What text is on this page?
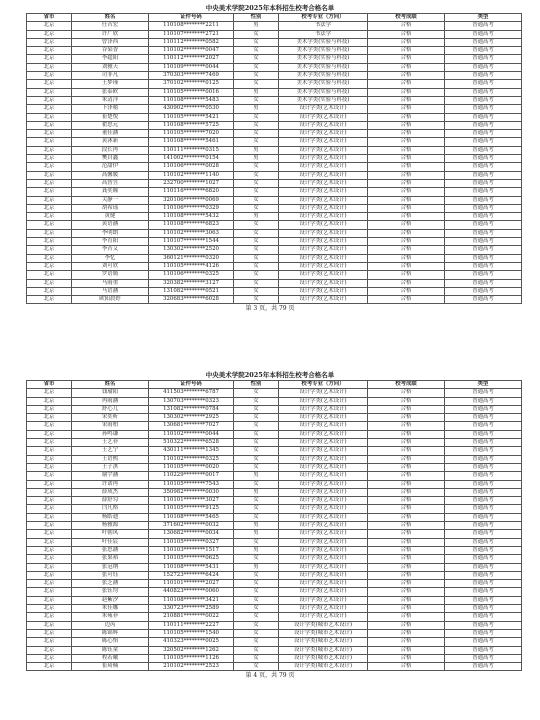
中央美术学院2025年本科招生校考合格名单
省市	姓名	证件号码	性别	校考专业（方向）	校考成绩	类型
北京	任昔宏	110108********2211	男	书法学	合格	普通高考
北京	许广欣	110107********2721	女	书法学	合格	普通高考
北京	曾泽西	110112********0582	女	美术学类(实验与科技)	合格	普通高考
北京	谷染香	110102********0047	女	美术学类(实验与科技)	合格	普通高考
北京	李超阳	110112********2027	女	美术学类(实验与科技)	合格	普通高考
北京	刘雅天	110109********0044	女	美术学类(实验与科技)	合格	普通高考
北京	司非凡	370303********7469	女	美术学类(实验与科技)	合格	普通高考
北京	王梦瑾	370102********0125	女	美术学类(实验与科技)	合格	普通高考
北京	张泰欧	110105********0016	男	美术学类(实验与科技)	合格	普通高考
北京	朱清洋	110108********5483	女	美术学类(实验与科技)	合格	普通高考
北京	卜泽稽	430902********0530	男	设计学类(艺术设计)	合格	普通高考
北京	崔楚悦	110105********5421	女	设计学类(艺术设计)	合格	普通高考
北京	翟思元	110108********5725	女	设计学类(艺术设计)	合格	普通高考
北京	董佳涵	110105********7020	女	设计学类(艺术设计)	合格	普通高考
北京	黄沐新	110108********5461	女	设计学类(艺术设计)	合格	普通高考
北京	段长冉	110111********0315	男	设计学类(艺术设计)	合格	普通高考
北京	樊自鑫	141002********0154	男	设计学类(艺术设计)	合格	普通高考
北京	范甜伊	110106********0028	女	设计学类(艺术设计)	合格	普通高考
北京	高馨媛	110102********1140	女	设计学类(艺术设计)	合格	普通高考
北京	高智昱	232700********1027	女	设计学类(艺术设计)	合格	普通高考
北京	龚奕瞳	110116********6820	女	设计学类(艺术设计)	合格	普通高考
北京	关静一	320106********0069	女	设计学类(艺术设计)	合格	普通高考
北京	胡希瑶	110106********0329	女	设计学类(艺术设计)	合格	普通高考
北京	黄健	110108********5432	男	设计学类(艺术设计)	合格	普通高考
北京	黄语涵	110108********6823	女	设计学类(艺术设计)	合格	普通高考
北京	李明朗	110102********3063	女	设计学类(艺术设计)	合格	普通高考
北京	李育阳	110107********1544	女	设计学类(艺术设计)	合格	普通高考
北京	李昔艾	130302********2520	女	设计学类(艺术设计)	合格	普通高考
北京	李忆	360121********0320	女	设计学类(艺术设计)	合格	普通高考
北京	刘可欣	110105********4126	女	设计学类(艺术设计)	合格	普通高考
北京	罗语嫣	110106********0325	女	设计学类(艺术设计)	合格	普通高考
北京	马雨重	320382********3127	女	设计学类(艺术设计)	合格	普通高考
北京	马语涵	131082********0521	女	设计学类(艺术设计)	合格	普通高考
北京	欧阳晨婷	320683********6028	女	设计学类(艺术设计)	合格	普通高考
第 3 页，共 79 页
中央美术学院2025年本科招生校考合格名单
省市	姓名	证件号码	性别	校考专业（方向）	校考成绩	类型
北京	钱瑜阳	411503********6787	女	设计学类(艺术设计)	合格	普通高考
北京	冉雨涵	130703********0323	女	设计学类(艺术设计)	合格	普通高考
北京	舒心儿	131082********0784	女	设计学类(艺术设计)	合格	普通高考
北京	宋奕昕	130302********2925	女	设计学类(艺术设计)	合格	普通高考
北京	宋雨柏	130681********7027	女	设计学类(艺术设计)	合格	普通高考
北京	孙鸣谦	110102********0044	女	设计学类(艺术设计)	合格	普通高考
北京	王艺菲	510322********6528	女	设计学类(艺术设计)	合格	普通高考
北京	王艺宁	430111********1345	女	设计学类(艺术设计)	合格	普通高考
北京	王语熙	110102********0325	女	设计学类(艺术设计)	合格	普通高考
北京	王子淇	110105********0020	女	设计学类(艺术设计)	合格	普通高考
北京	谢宇涵	110229********0017	男	设计学类(艺术设计)	合格	普通高考
北京	许诺冉	110105********7543	女	设计学类(艺术设计)	合格	普通高考
北京	薛成杰	350982********0030	男	设计学类(艺术设计)	合格	普通高考
北京	薛舒勾	110101********3027	女	设计学类(艺术设计)	合格	普通高考
北京	闫凡格	110105********9125	女	设计学类(艺术设计)	合格	普通高考
北京	杨皓迪	110108********5465	女	设计学类(艺术设计)	合格	普通高考
北京	杨雅源	371602********0032	男	设计学类(艺术设计)	合格	普通高考
北京	叶朝风	130682********0034	男	设计学类(艺术设计)	合格	普通高考
北京	叶佳宸	110105********0327	女	设计学类(艺术设计)	合格	普通高考
北京	张思涵	110103********1517	男	设计学类(艺术设计)	合格	普通高考
北京	张果裕	110105********0625	女	设计学类(艺术设计)	合格	普通高考
北京	张冠纳	110108********5431	男	设计学类(艺术设计)	合格	普通高考
北京	张可钰	152723********6424	女	设计学类(艺术设计)	合格	普通高考
北京	张芝涵	110101********2027	女	设计学类(艺术设计)	合格	普通高考
北京	张钰均	440823********0060	女	设计学类(艺术设计)	合格	普通高考
北京	赵紫汐	110108********3421	女	设计学类(艺术设计)	合格	普通高考
北京	朱佳娜	330723********2589	女	设计学类(艺术设计)	合格	普通高考
北京	朱雍菲	210881********0022	女	设计学类(艺术设计)	合格	普通高考
北京	边芮	110111********2227	女	设计学类(城市艺术设计)	合格	普通高考
北京	陈锦辉	110105********1540	女	设计学类(城市艺术设计)	合格	普通高考
北京	陈心怡	410323********0025	女	设计学类(城市艺术设计)	合格	普通高考
北京	陈钰童	320502********1262	女	设计学类(城市艺术设计)	合格	普通高考
北京	程若曦	110105********1126	女	设计学类(城市艺术设计)	合格	普通高考
北京	崔琦楠	210102********2523	女	设计学类(城市艺术设计)	合格	普通高考
第 4 页，共 79 页
